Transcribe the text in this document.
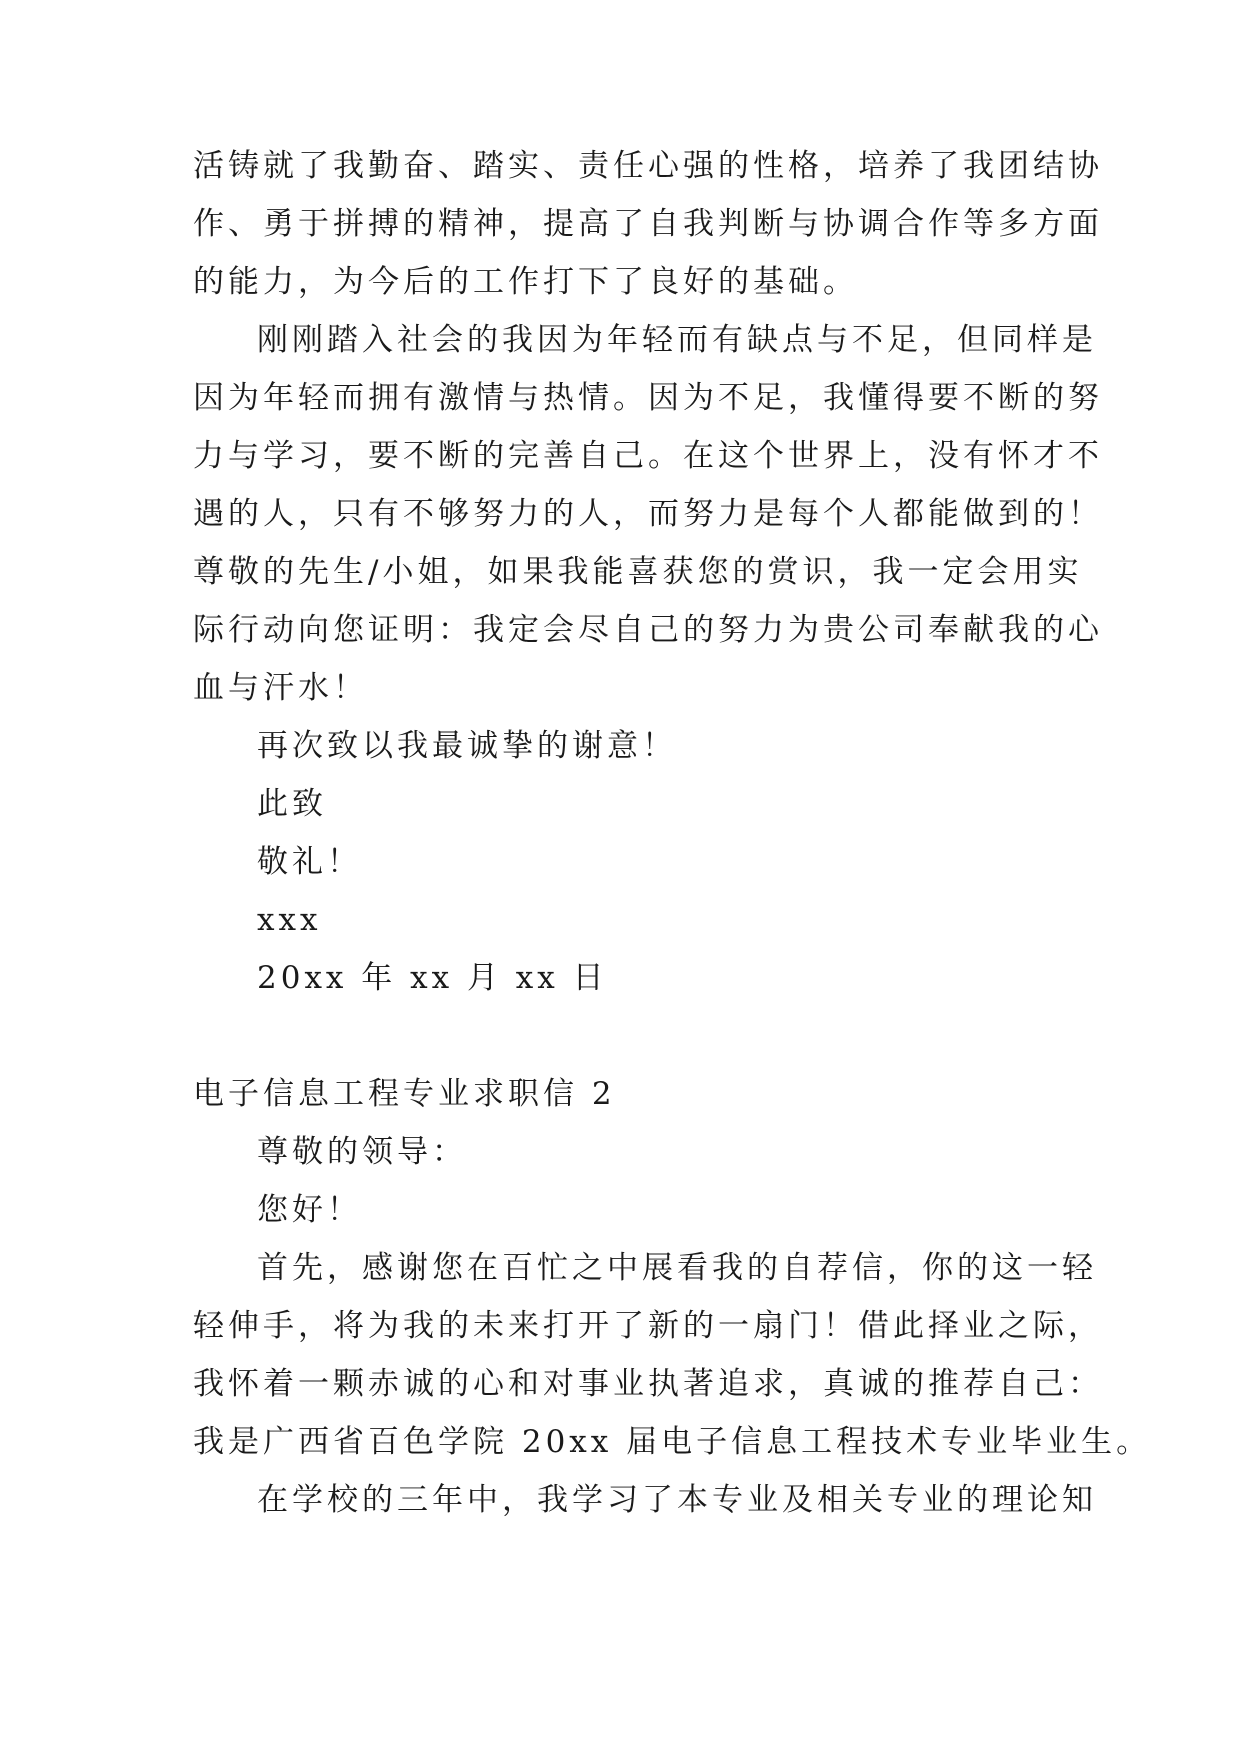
活铸就了我勤奋、踏实、责任心强的性格，培养了我团结协
作、勇于拼搏的精神，提高了自我判断与协调合作等多方面
的能力，为今后的工作打下了良好的基础。
刚刚踏入社会的我因为年轻而有缺点与不足，但同样是
因为年轻而拥有激情与热情。因为不足，我懂得要不断的努
力与学习，要不断的完善自己。在这个世界上，没有怀才不
遇的人，只有不够努力的人，而努力是每个人都能做到的！
尊敬的先生/小姐，如果我能喜获您的赏识，我一定会用实
际行动向您证明：我定会尽自己的努力为贵公司奉献我的心
血与汗水！
再次致以我最诚挚的谢意！
此致
敬礼！
xxx
20xx 年 xx 月 xx 日
电子信息工程专业求职信 2
尊敬的领导：
您好！
首先，感谢您在百忙之中展看我的自荐信，你的这一轻
轻伸手，将为我的未来打开了新的一扇门！借此择业之际，
我怀着一颗赤诚的心和对事业执著追求，真诚的推荐自己：
我是广西省百色学院 20xx 届电子信息工程技术专业毕业生。
在学校的三年中，我学习了本专业及相关专业的理论知
